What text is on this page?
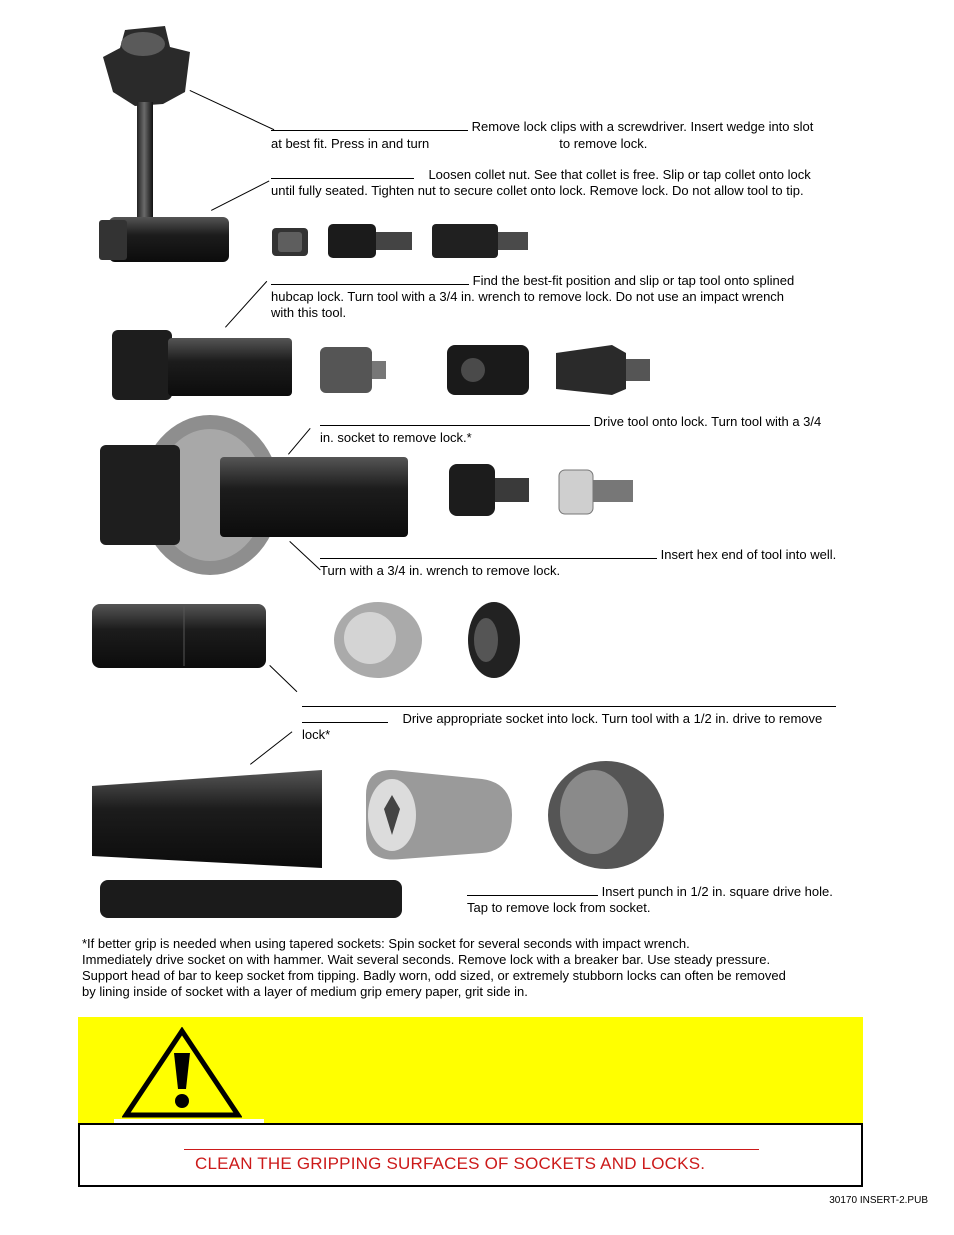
Remove lock clips with a screwdriver. Insert wedge into slot
at best fit. Press in and turn	to remove lock.
Loosen collet nut. See that collet is free. Slip or tap collet onto lock
until fully seated. Tighten nut to secure collet onto lock. Remove lock. Do not allow tool to tip.
Find the best-fit position and slip or tap tool onto splined
hubcap lock. Turn tool with a 3/4 in. wrench to remove lock. Do not use an impact wrench
with this tool.
Drive tool onto lock. Turn tool with a 3/4
in. socket to remove lock.*
Insert hex end of tool into well.
Turn with a 3/4 in. wrench to remove lock.
Drive appropriate socket into lock. Turn tool with a 1/2 in. drive to remove
lock*
Insert punch in 1/2 in. square drive hole.
Tap to remove lock from socket.
*If better grip is needed when using tapered sockets: Spin socket for several seconds with impact wrench.
Immediately drive socket on with hammer. Wait several seconds. Remove lock with a breaker bar. Use steady pressure.
Support head of bar to keep socket from tipping. Badly worn, odd sized, or extremely stubborn locks can often be removed
by lining inside of socket with a layer of medium grip emery paper, grit side in.
CLEAN THE GRIPPING SURFACES OF SOCKETS AND LOCKS.
30170 INSERT-2.PUB
